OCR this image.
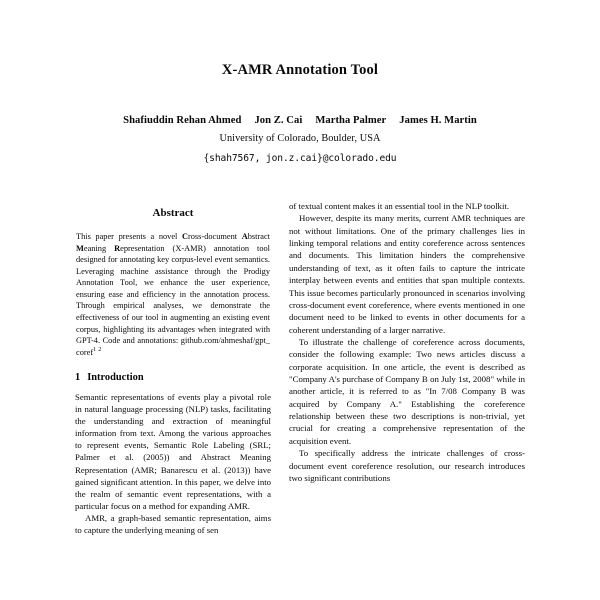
X-AMR Annotation Tool
Shafiuddin Rehan Ahmed Jon Z. Cai Martha Palmer James H. Martin
University of Colorado, Boulder, USA
{shah7567, jon.z.cai}@colorado.edu
Abstract

This paper presents a novel Cross-document Abstract Meaning Representation (X-AMR) annotation tool designed for annotating key corpus-level event semantics. Leveraging machine assistance through the Prodigy Annotation Tool, we enhance the user experience, ensuring ease and efficiency in the annotation process. Through empirical analyses, we demonstrate the effectiveness of our tool in augmenting an existing event corpus, highlighting its advantages when integrated with GPT-4. Code and annotations: github.com/ahmeshaf/gpt_coref$^1$ $^2$

1 Introduction

Semantic representations of events play a pivotal role in natural language processing (NLP) tasks, facilitating the understanding and extraction of meaningful information from text. Among the various approaches to represent events, Semantic Role Labeling (SRL; Palmer et al. (2005)) and Abstract Meaning Representation (AMR; Banarescu et al. (2013)) have gained significant attention. In this paper, we delve into the realm of semantic event representations, with a particular focus on a method for expanding AMR.

AMR, a graph-based semantic representation, aims to capture the underlying meaning of sen

of textual content makes it an essential tool in the NLP toolkit.

However, despite its many merits, current AMR techniques are not without limitations. One of the primary challenges lies in linking temporal relations and entity coreference across sentences and documents. This limitation hinders the comprehensive understanding of text, as it often fails to capture the intricate interplay between events and entities that span multiple contexts. This issue becomes particularly pronounced in scenarios involving cross-document event coreference, where events mentioned in one document need to be linked to events in other documents for a coherent understanding of a larger narrative.

To illustrate the challenge of coreference across documents, consider the following example: Two news articles discuss a corporate acquisition. In one article, the event is described as "Company A's purchase of Company B on July 1st, 2008" while in another article, it is referred to as "In 7/08 Company B was acquired by Company A." Establishing the coreference relationship between these two descriptions is non-trivial, yet crucial for creating a comprehensive representation of the acquisition event.

To specifically address the intricate challenges of cross-document event coreference resolution, our research introduces two significant contributions
